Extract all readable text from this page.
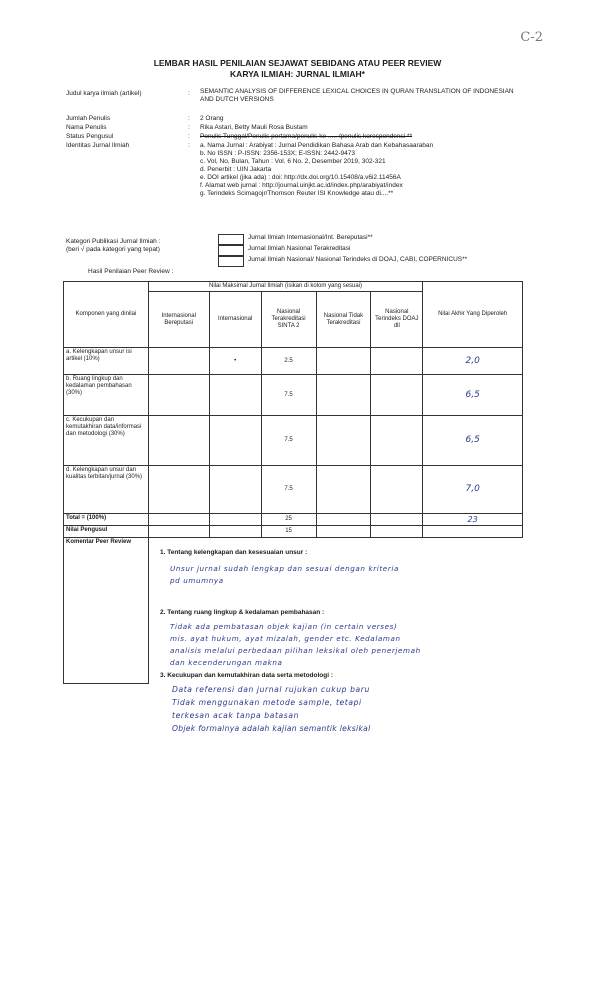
C-2
LEMBAR HASIL PENILAIAN SEJAWAT SEBIDANG ATAU PEER REVIEW
KARYA ILMIAH: JURNAL ILMIAH*
Judul karya ilmiah (artikel)	: SEMANTIC ANALYSIS OF DIFFERENCE LEXICAL CHOICES IN QURAN TRANSLATION OF INDONESIAN AND DUTCH VERSIONS
Jumlah Penulis	: 2 Orang
Nama Penulis	: Rika Astari, Betty Mauli Rosa Bustam
Status Pengusul	: Penulis Tunggal/Penulis pertama/penulis ke ..... /penulis korespondensi **
Identitas Jurnal Ilmiah	: a. Nama Jurnal : Arabiyat : Jurnal Pendidikan Bahasa Arab dan Kebahasaaraban
b. No ISSN : P-ISSN: 2356-153X; E-ISSN: 2442-9473
c. Vol, No, Bulan, Tahun : Vol. 6 No. 2, Desember 2019, 302-321
d. Penerbit : UIN Jakarta
e. DOI artikel (jika ada) : doi: http://dx.doi.org/10.15408/a.v6i2.11456A
f. Alamat web jurnal : http://journal.uinjkt.ac.id/index.php/arabiyat/index
g. Terindeks Scimagojr/Thomson Reuter ISI Knowledge atau di....**
Kategori Publikasi Jurnal Ilmiah :
(beri √ pada kategori yang tepat)
Jurnal Ilmiah Internasional/Int. Bereputasi**
Jurnal Ilmiah Nasional Terakreditasi
Jurnal Ilmiah Nasional/ Nasional Terindeks di DOAJ, CABI, COPERNICUS**
Hasil Penilaian Peer Review :
Komponen yang dinilai	Nilai Maksimal Jurnal Ilmiah (isikan di kolom yang sesuai)					Nilai Akhir Yang Diperoleh
	Internasional Bereputasi	Internasional	Nasional Terakreditasi SINTA 2	Nasional Tidak Terakreditasi	Nasional Terindeks DOAJ dll	
a. Kelengkapan unsur isi artikel (10%)		•	2.5			2,0
b. Ruang lingkup dan kedalaman pembahasan (30%)			7.5			6,5
c. Kecukupan dan kemutakhiran data/informasi dan metodologi (30%)			7.5			6,5
d. Kelengkapan unsur dan kualitas terbitan/jurnal (30%)			7.5			7,0
Total = (100%)			25			23
Nilai Pengusul			15			
Komentar Peer Review						
1. Tentang kelengkapan dan kesesuaian unsur :
Unsur jurnal sudah lengkap dan sesuai dengan kriteria
pd umumnya
2. Tentang ruang lingkup & kedalaman pembahasan :
Tidak ada pembatasan objek kajian (in certain verses)
mis. ayat hukum, ayat mizalah, gender etc. Kedalaman
analisis melalui perbedaan pilihan leksikal oleh penerjemah
dan kecenderungan makna
3. Kecukupan dan kemutakhiran data serta metodologi :
Data referensi dan jurnal rujukan cukup baru
Tidak menggunakan metode sample, tetapi
terkesan acak tanpa batasan
Objek formalnya adalah kajian semantik leksikal
